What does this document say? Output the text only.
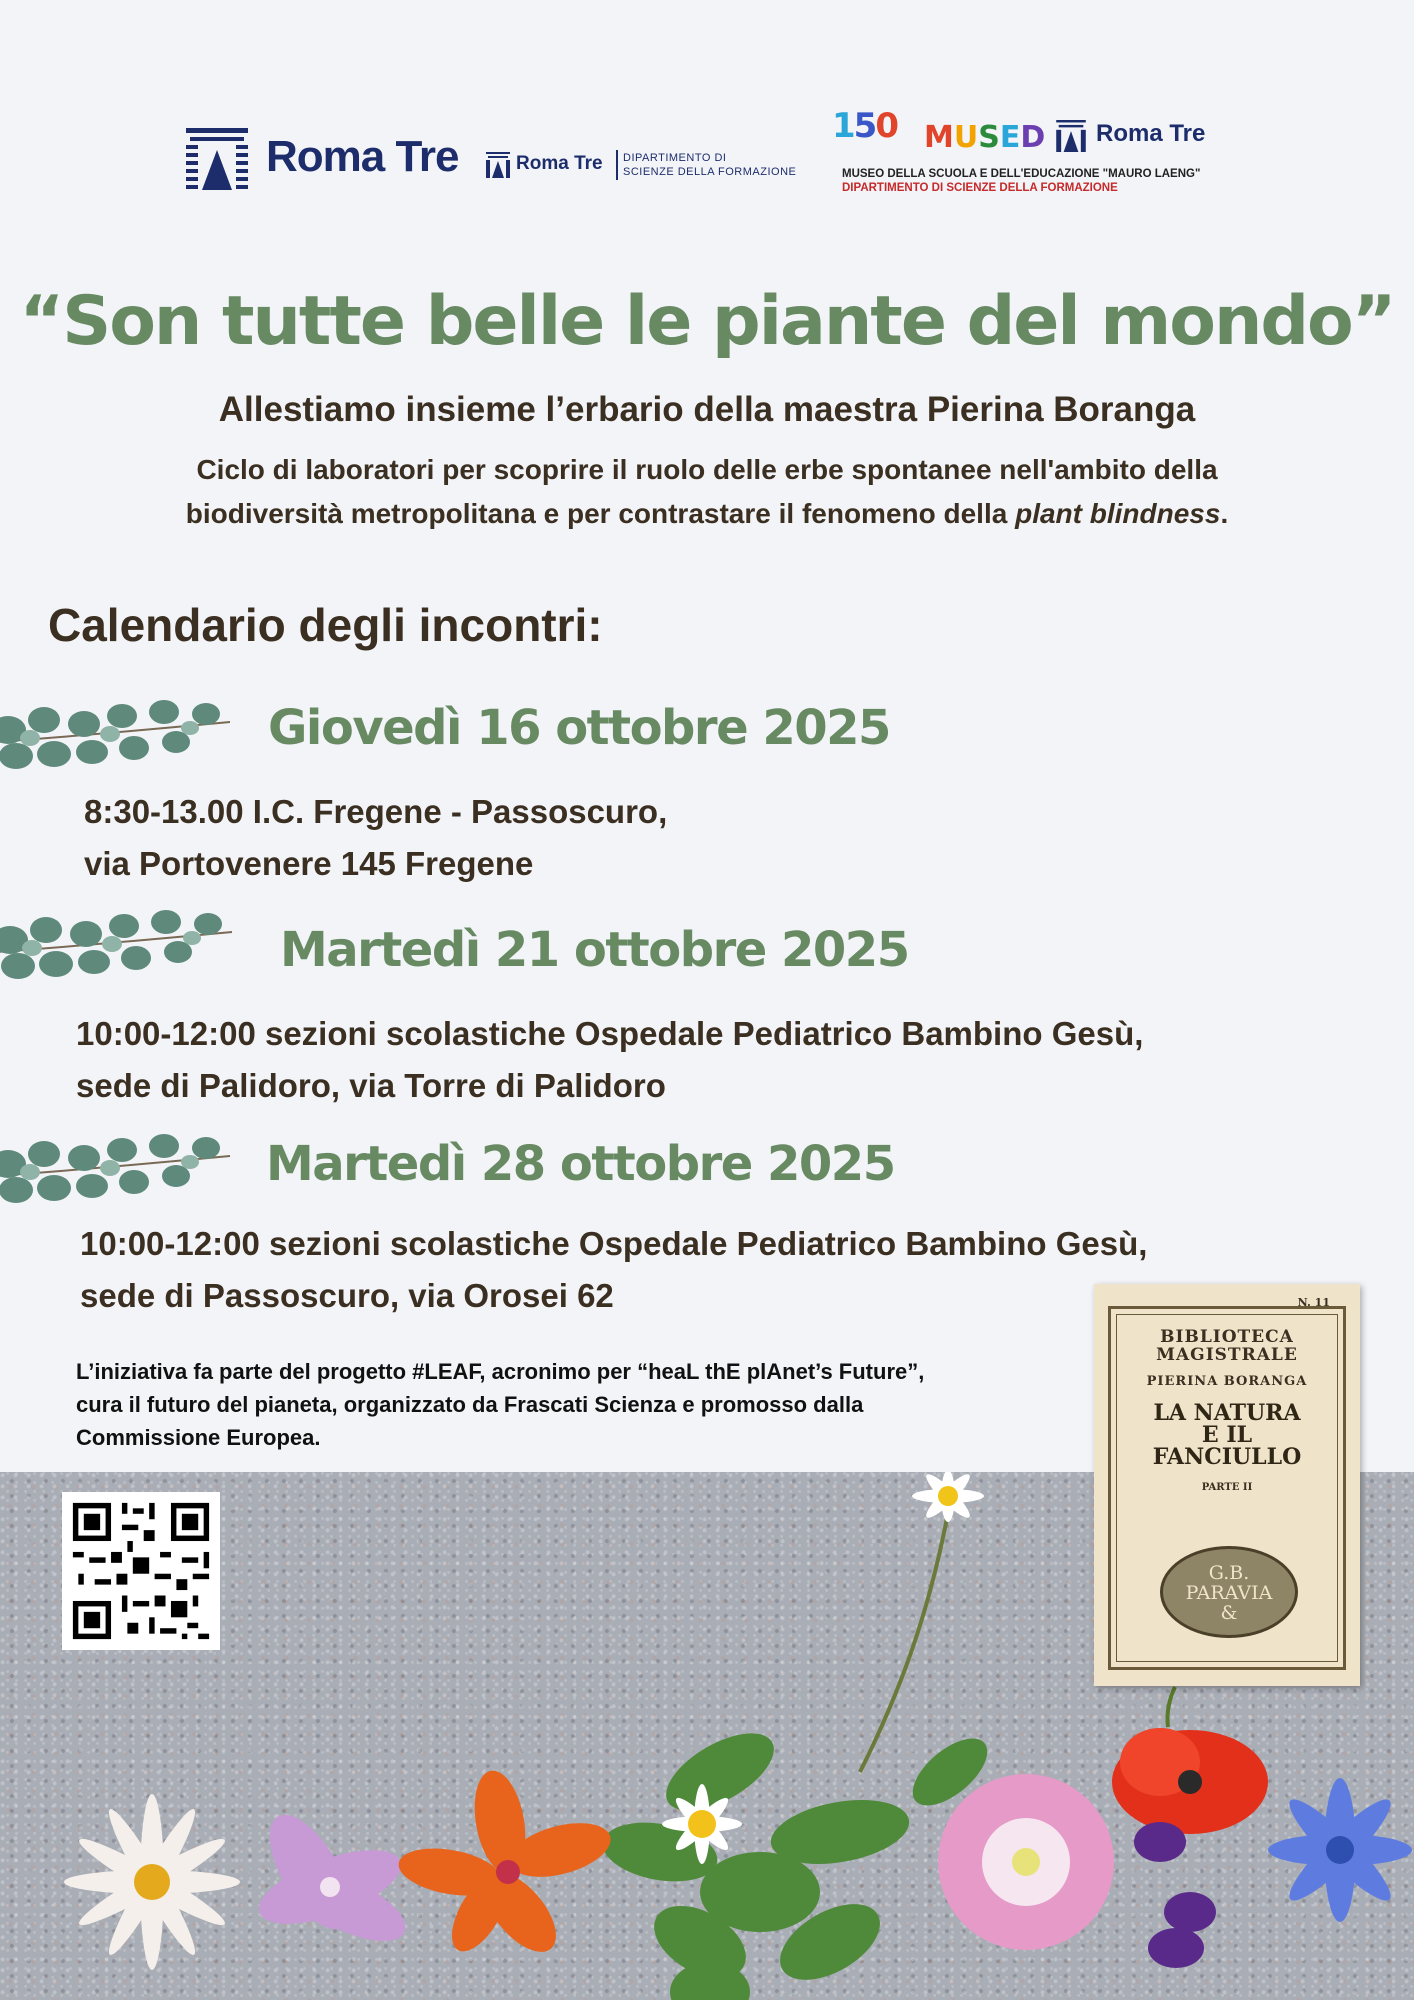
Roma Tre	Roma Tre DIPARTIMENTO DI
SCIENZE DELLA FORMAZIONE
150 MUSED Roma Tre
MUSEO DELLA SCUOLA E DELL'EDUCAZIONE "MAURO LAENG"
DIPARTIMENTO DI SCIENZE DELLA FORMAZIONE
“Son tutte belle le piante del mondo”
Allestiamo insieme l’erbario della maestra Pierina Boranga
Ciclo di laboratori per scoprire il ruolo delle erbe spontanee nell'ambito della
biodiversità metropolitana e per contrastare il fenomeno della plant blindness.
Calendario degli incontri:
Giovedì 16 ottobre 2025
8:30-13.00 I.C. Fregene - Passoscuro,
via Portovenere 145 Fregene
Martedì 21 ottobre 2025
10:00-12:00 sezioni scolastiche Ospedale Pediatrico Bambino Gesù,
sede di Palidoro, via Torre di Palidoro
Martedì 28 ottobre 2025
10:00-12:00 sezioni scolastiche Ospedale Pediatrico Bambino Gesù,
sede di Passoscuro, via Orosei 62
L’iniziativa fa parte del progetto #LEAF, acronimo per “heaL thE plAnet’s Future”,
cura il futuro del pianeta, organizzato da Frascati Scienza e promosso dalla
Commissione Europea.
N. 11
BIBLIOTECA
MAGISTRALE
PIERINA BORANGA
LA NATURA
E IL
FANCIULLO
PARTE II
G.B.
PARAVIA
&
